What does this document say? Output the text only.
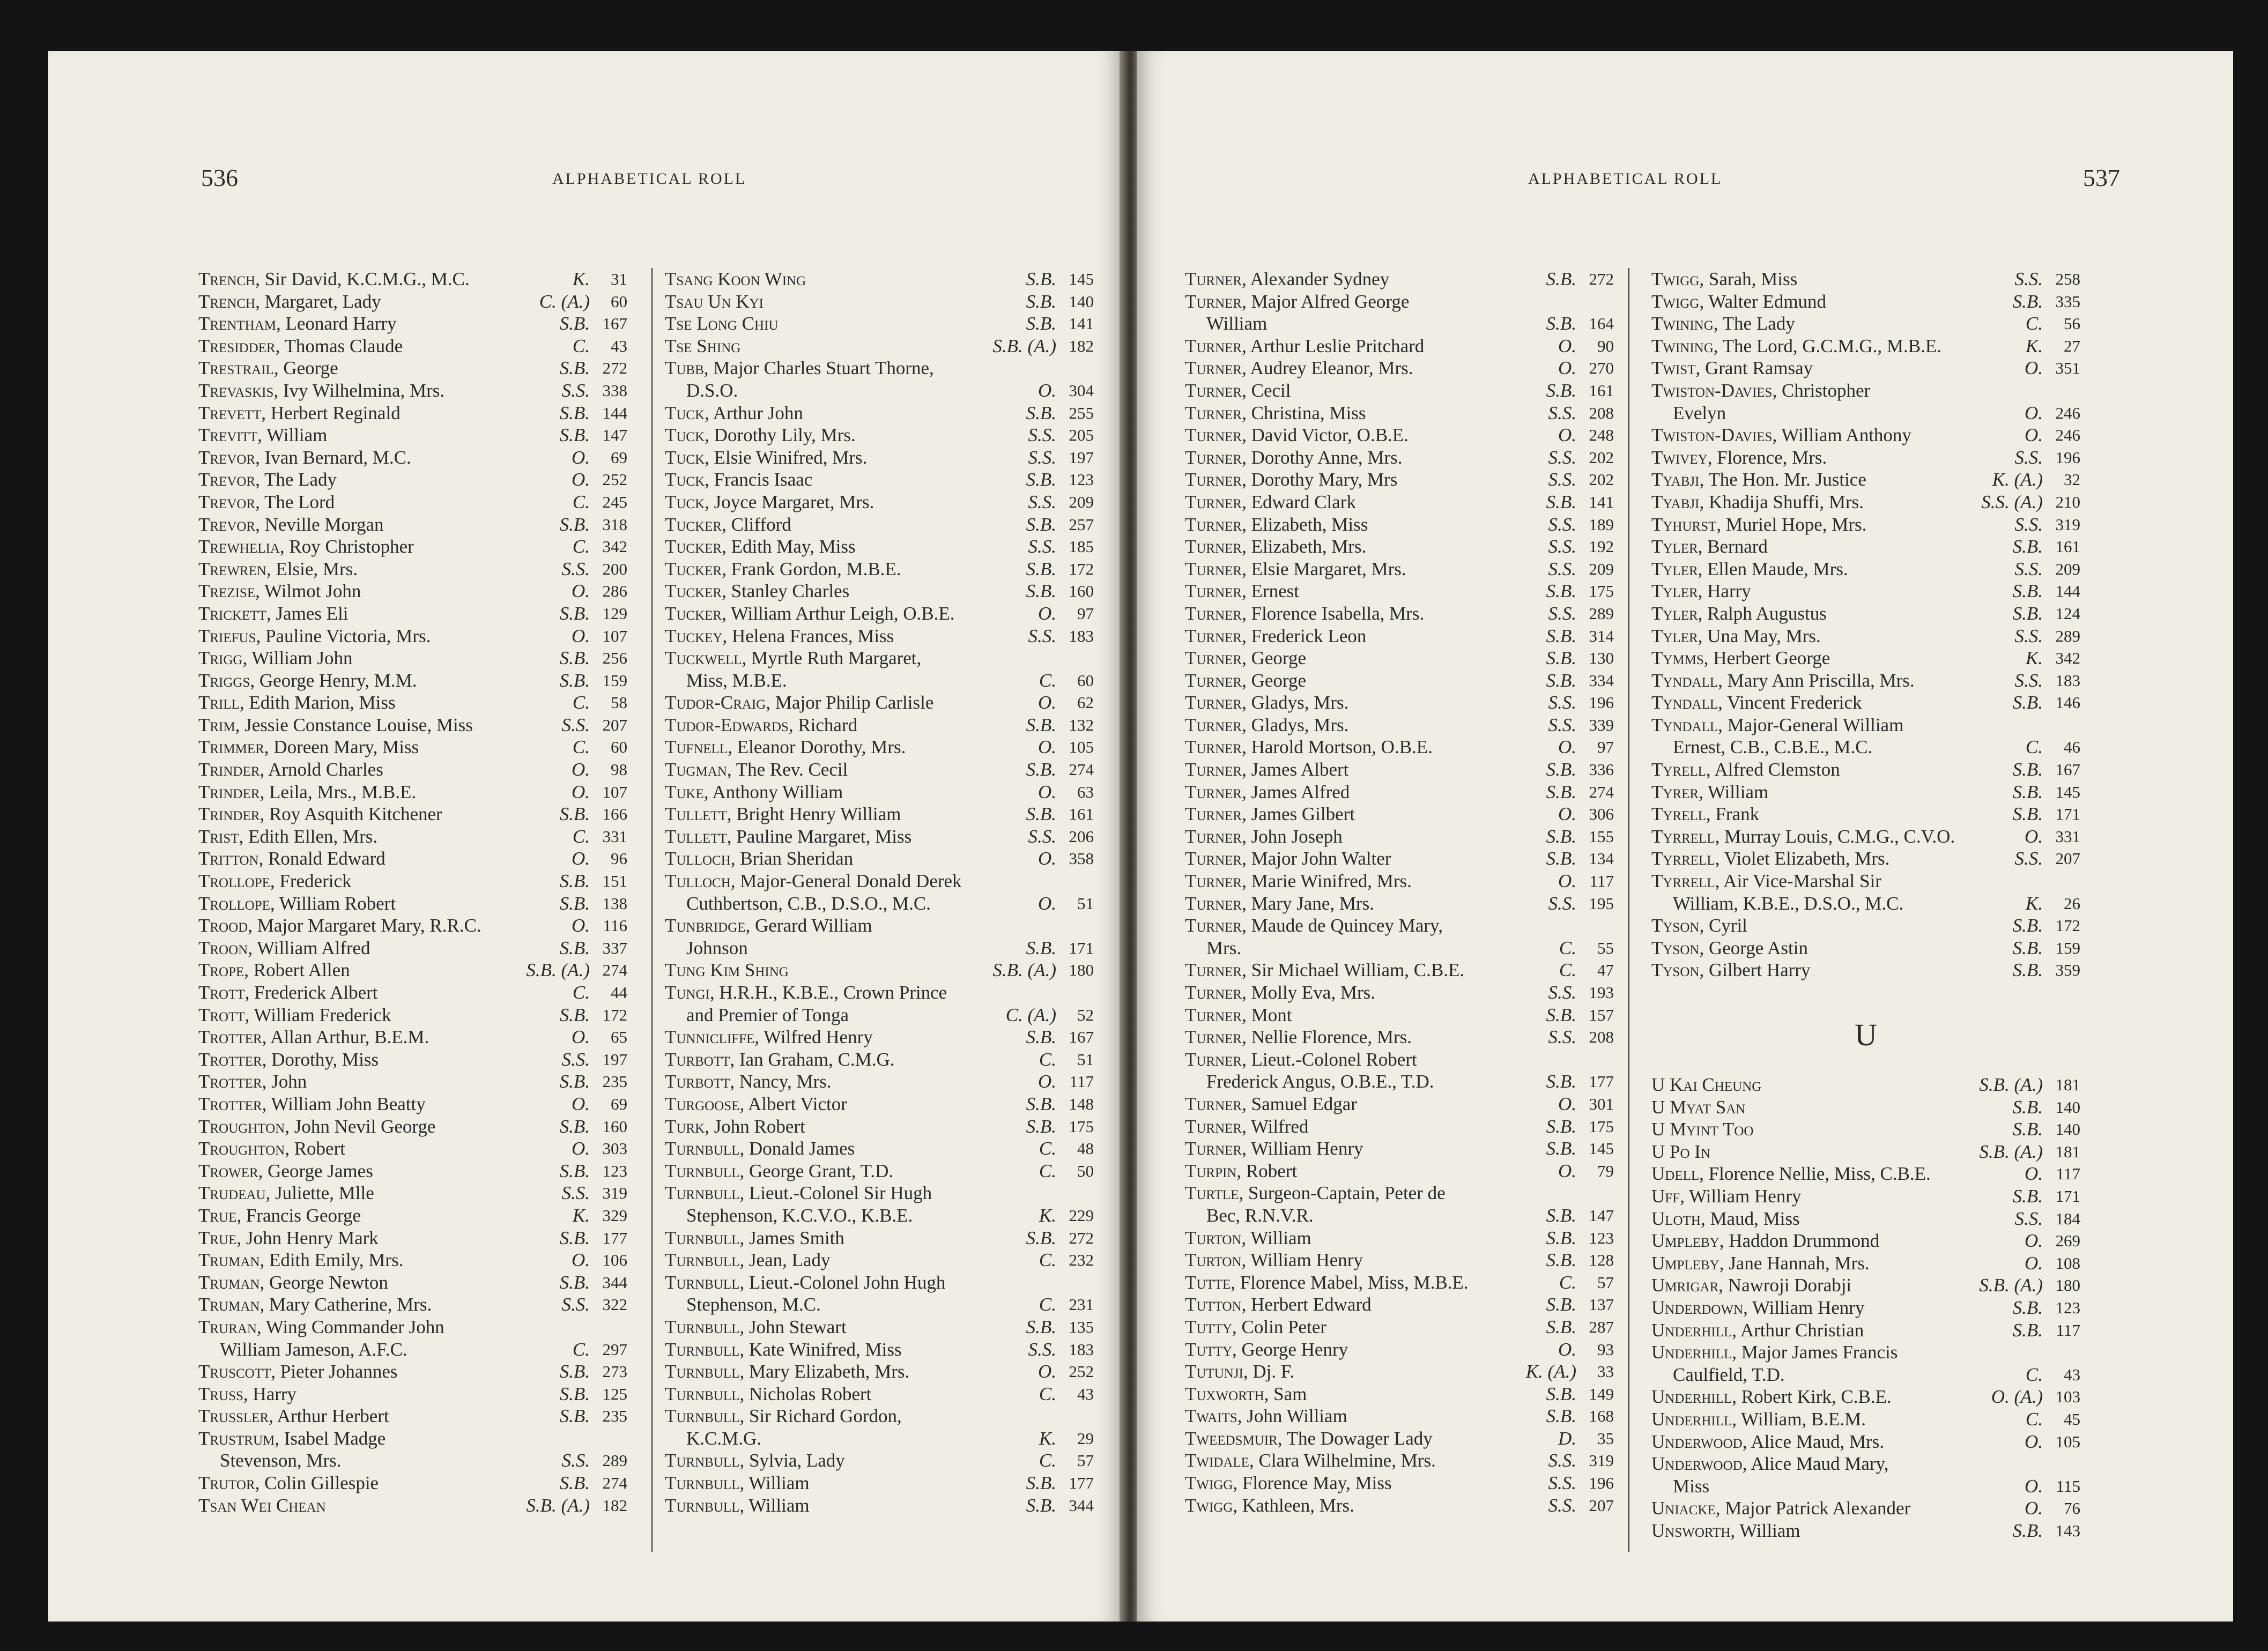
536	ALPHABETICAL ROLL
Trench, Sir David, K.C.M.G., M.C.	K.	31
Trench, Margaret, Lady	C. (A.)	60
Trentham, Leonard Harry	S.B. 167
Tresidder, Thomas Claude	C.	43
Trestrail, George	S.B. 272
Trevaskis, Ivy Wilhelmina, Mrs.	S.S. 338
Trevett, Herbert Reginald	S.B. 144
Trevitt, William	S.B. 147
Trevor, Ivan Bernard, M.C.	O.	69
Trevor, The Lady	O. 252
Trevor, The Lord	C. 245
Trevor, Neville Morgan	S.B. 318
Trewhelia, Roy Christopher	C. 342
Trewren, Elsie, Mrs.	S.S. 200
Trezise, Wilmot John	O. 286
Trickett, James Eli	S.B. 129
Triefus, Pauline Victoria, Mrs.	O. 107
Trigg, William John	S.B. 256
Triggs, George Henry, M.M.	S.B. 159
Trill, Edith Marion, Miss	C.	58
Trim, Jessie Constance Louise, Miss	S.S. 207
Trimmer, Doreen Mary, Miss	C.	60
Trinder, Arnold Charles	O.	98
Trinder, Leila, Mrs., M.B.E.	O. 107
Trinder, Roy Asquith Kitchener	S.B. 166
Trist, Edith Ellen, Mrs.	C. 331
Tritton, Ronald Edward	O.	96
Trollope, Frederick	S.B. 151
Trollope, William Robert	S.B. 138
Trood, Major Margaret Mary, R.R.C.	O. 116
Troon, William Alfred	S.B. 337
Trope, Robert Allen	S.B. (A.) 274
Trott, Frederick Albert	C.	44
Trott, William Frederick	S.B. 172
Trotter, Allan Arthur, B.E.M.	O.	65
Trotter, Dorothy, Miss	S.S. 197
Trotter, John	S.B. 235
Trotter, William John Beatty	O.	69
Troughton, John Nevil George	S.B. 160
Troughton, Robert	O. 303
Trower, George James	S.B. 123
Trudeau, Juliette, Mlle	S.S. 319
True, Francis George	K. 329
True, John Henry Mark	S.B. 177
Truman, Edith Emily, Mrs.	O. 106
Truman, George Newton	S.B. 344
Truman, Mary Catherine, Mrs.	S.S. 322
Truran, Wing Commander John
William Jameson, A.F.C.	C. 297
Truscott, Pieter Johannes	S.B. 273
Truss, Harry	S.B. 125
Trussler, Arthur Herbert	S.B. 235
Trustrum, Isabel Madge
Stevenson, Mrs.	S.S. 289
Trutor, Colin Gillespie	S.B. 274
Tsan Wei Chean	S.B. (A.) 182
Tsang Koon Wing	S.B. 145
Tsau Un Kyi	S.B. 140
Tse Long Chiu	S.B. 141
Tse Shing	S.B. (A.) 182
Tubb, Major Charles Stuart Thorne,
D.S.O.	O. 304
Tuck, Arthur John	S.B. 255
Tuck, Dorothy Lily, Mrs.	S.S. 205
Tuck, Elsie Winifred, Mrs.	S.S. 197
Tuck, Francis Isaac	S.B. 123
Tuck, Joyce Margaret, Mrs.	S.S. 209
Tucker, Clifford	S.B. 257
Tucker, Edith May, Miss	S.S. 185
Tucker, Frank Gordon, M.B.E.	S.B. 172
Tucker, Stanley Charles	S.B. 160
Tucker, William Arthur Leigh, O.B.E.	O.	97
Tuckey, Helena Frances, Miss	S.S. 183
Tuckwell, Myrtle Ruth Margaret,
Miss, M.B.E.	C.	60
Tudor-Craig, Major Philip Carlisle	O.	62
Tudor-Edwards, Richard	S.B. 132
Tufnell, Eleanor Dorothy, Mrs.	O. 105
Tugman, The Rev. Cecil	S.B. 274
Tuke, Anthony William	O.	63
Tullett, Bright Henry William	S.B. 161
Tullett, Pauline Margaret, Miss	S.S. 206
Tulloch, Brian Sheridan	O. 358
Tulloch, Major-General Donald Derek
Cuthbertson, C.B., D.S.O., M.C.	O.	51
Tunbridge, Gerard William
Johnson	S.B. 171
Tung Kim Shing	S.B. (A.) 180
Tungi, H.R.H., K.B.E., Crown Prince
and Premier of Tonga	C. (A.)	52
Tunnicliffe, Wilfred Henry	S.B. 167
Turbott, Ian Graham, C.M.G.	C.	51
Turbott, Nancy, Mrs.	O. 117
Turgoose, Albert Victor	S.B. 148
Turk, John Robert	S.B. 175
Turnbull, Donald James	C.	48
Turnbull, George Grant, T.D.	C.	50
Turnbull, Lieut.-Colonel Sir Hugh
Stephenson, K.C.V.O., K.B.E.	K. 229
Turnbull, James Smith	S.B. 272
Turnbull, Jean, Lady	C. 232
Turnbull, Lieut.-Colonel John Hugh
Stephenson, M.C.	C. 231
Turnbull, John Stewart	S.B. 135
Turnbull, Kate Winifred, Miss	S.S. 183
Turnbull, Mary Elizabeth, Mrs.	O. 252
Turnbull, Nicholas Robert	C.	43
Turnbull, Sir Richard Gordon,
K.C.M.G.	K.	29
Turnbull, Sylvia, Lady	C.	57
Turnbull, William	S.B. 177
Turnbull, William	S.B. 344
ALPHABETICAL ROLL	537
Turner, Alexander Sydney	S.B. 272
Turner, Major Alfred George
William	S.B. 164
Turner, Arthur Leslie Pritchard	O.	90
Turner, Audrey Eleanor, Mrs.	O. 270
Turner, Cecil	S.B. 161
Turner, Christina, Miss	S.S. 208
Turner, David Victor, O.B.E.	O. 248
Turner, Dorothy Anne, Mrs.	S.S. 202
Turner, Dorothy Mary, Mrs	S.S. 202
Turner, Edward Clark	S.B. 141
Turner, Elizabeth, Miss	S.S. 189
Turner, Elizabeth, Mrs.	S.S. 192
Turner, Elsie Margaret, Mrs.	S.S. 209
Turner, Ernest	S.B. 175
Turner, Florence Isabella, Mrs.	S.S. 289
Turner, Frederick Leon	S.B. 314
Turner, George	S.B. 130
Turner, George	S.B. 334
Turner, Gladys, Mrs.	S.S. 196
Turner, Gladys, Mrs.	S.S. 339
Turner, Harold Mortson, O.B.E.	O.	97
Turner, James Albert	S.B. 336
Turner, James Alfred	S.B. 274
Turner, James Gilbert	O. 306
Turner, John Joseph	S.B. 155
Turner, Major John Walter	S.B. 134
Turner, Marie Winifred, Mrs.	O. 117
Turner, Mary Jane, Mrs.	S.S. 195
Turner, Maude de Quincey Mary,
Mrs.	C.	55
Turner, Sir Michael William, C.B.E.	C.	47
Turner, Molly Eva, Mrs.	S.S. 193
Turner, Mont	S.B. 157
Turner, Nellie Florence, Mrs.	S.S. 208
Turner, Lieut.-Colonel Robert
Frederick Angus, O.B.E., T.D.	S.B. 177
Turner, Samuel Edgar	O. 301
Turner, Wilfred	S.B. 175
Turner, William Henry	S.B. 145
Turpin, Robert	O.	79
Turtle, Surgeon-Captain, Peter de
Bec, R.N.V.R.	S.B. 147
Turton, William	S.B. 123
Turton, William Henry	S.B. 128
Tutte, Florence Mabel, Miss, M.B.E.	C.	57
Tutton, Herbert Edward	S.B. 137
Tutty, Colin Peter	S.B. 287
Tutty, George Henry	O.	93
Tutunji, Dj. F.	K. (A.)	33
Tuxworth, Sam	S.B. 149
Twaits, John William	S.B. 168
Tweedsmuir, The Dowager Lady	D.	35
Twidale, Clara Wilhelmine, Mrs.	S.S. 319
Twigg, Florence May, Miss	S.S. 196
Twigg, Kathleen, Mrs.	S.S. 207
Twigg, Sarah, Miss	S.S. 258
Twigg, Walter Edmund	S.B. 335
Twining, The Lady	C.	56
Twining, The Lord, G.C.M.G., M.B.E.	K.	27
Twist, Grant Ramsay	O. 351
Twiston-Davies, Christopher
Evelyn	O. 246
Twiston-Davies, William Anthony	O. 246
Twivey, Florence, Mrs.	S.S. 196
Tyabji, The Hon. Mr. Justice	K. (A.)	32
Tyabji, Khadija Shuffi, Mrs.	S.S. (A.) 210
Tyhurst, Muriel Hope, Mrs.	S.S. 319
Tyler, Bernard	S.B. 161
Tyler, Ellen Maude, Mrs.	S.S. 209
Tyler, Harry	S.B. 144
Tyler, Ralph Augustus	S.B. 124
Tyler, Una May, Mrs.	S.S. 289
Tymms, Herbert George	K. 342
Tyndall, Mary Ann Priscilla, Mrs.	S.S. 183
Tyndall, Vincent Frederick	S.B. 146
Tyndall, Major-General William
Ernest, C.B., C.B.E., M.C.	C.	46
Tyrell, Alfred Clemston	S.B. 167
Tyrer, William	S.B. 145
Tyrell, Frank	S.B. 171
Tyrrell, Murray Louis, C.M.G., C.V.O.	O. 331
Tyrrell, Violet Elizabeth, Mrs.	S.S. 207
Tyrrell, Air Vice-Marshal Sir
William, K.B.E., D.S.O., M.C.	K.	26
Tyson, Cyril	S.B. 172
Tyson, George Astin	S.B. 159
Tyson, Gilbert Harry	S.B. 359
U
U Kai Cheung	S.B. (A.) 181
U Myat San	S.B. 140
U Myint Too	S.B. 140
U Po In	S.B. (A.) 181
Udell, Florence Nellie, Miss, C.B.E.	O. 117
Uff, William Henry	S.B. 171
Uloth, Maud, Miss	S.S. 184
Umpleby, Haddon Drummond	O. 269
Umpleby, Jane Hannah, Mrs.	O. 108
Umrigar, Nawroji Dorabji	S.B. (A.) 180
Underdown, William Henry	S.B. 123
Underhill, Arthur Christian	S.B. 117
Underhill, Major James Francis
Caulfield, T.D.	C.	43
Underhill, Robert Kirk, C.B.E.	O. (A.) 103
Underhill, William, B.E.M.	C.	45
Underwood, Alice Maud, Mrs.	O. 105
Underwood, Alice Maud Mary,
Miss	O. 115
Uniacke, Major Patrick Alexander	O.	76
Unsworth, William	S.B. 143
